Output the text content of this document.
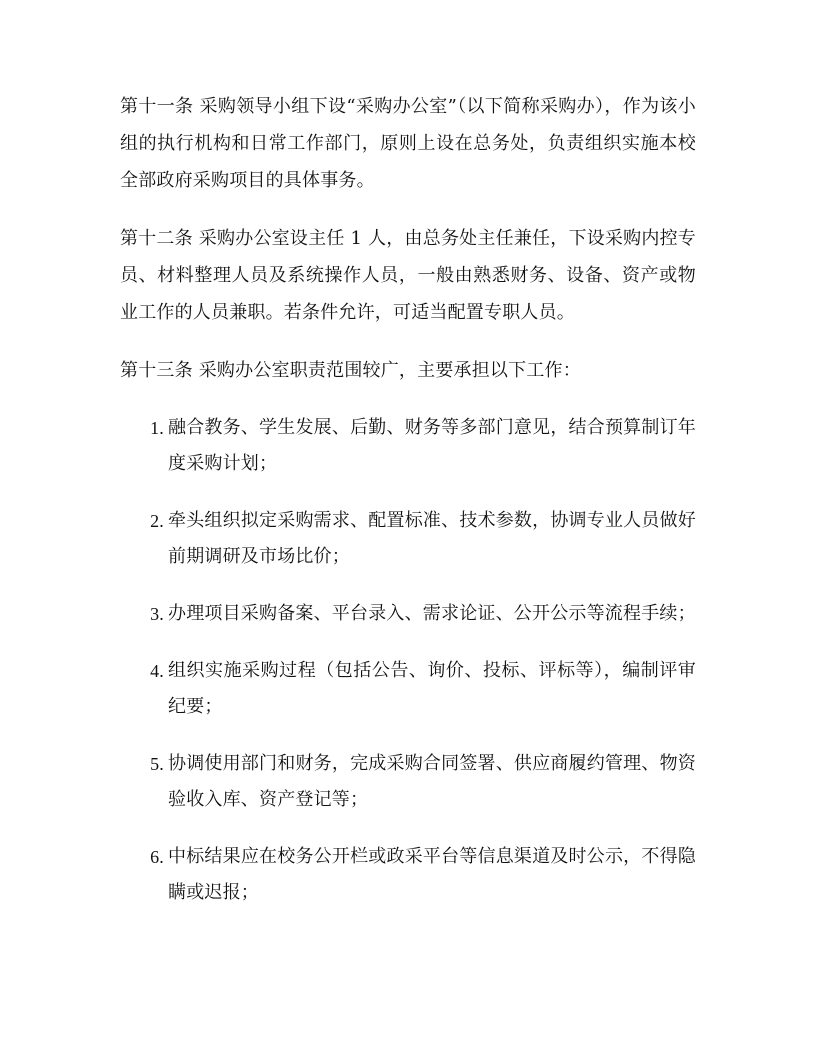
第十一条 采购领导小组下设“采购办公室”（以下简称采购办），作为该小组的执行机构和日常工作部门，原则上设在总务处，负责组织实施本校全部政府采购项目的具体事务。

第十二条 采购办公室设主任 1 人，由总务处主任兼任，下设采购内控专员、材料整理人员及系统操作人员，一般由熟悉财务、设备、资产或物业工作的人员兼职。若条件允许，可适当配置专职人员。

第十三条 采购办公室职责范围较广，主要承担以下工作：

1. 融合教务、学生发展、后勤、财务等多部门意见，结合预算制订年度采购计划；
2. 牵头组织拟定采购需求、配置标准、技术参数，协调专业人员做好前期调研及市场比价；
3. 办理项目采购备案、平台录入、需求论证、公开公示等流程手续；
4. 组织实施采购过程（包括公告、询价、投标、评标等），编制评审纪要；
5. 协调使用部门和财务，完成采购合同签署、供应商履约管理、物资验收入库、资产登记等；
6. 中标结果应在校务公开栏或政采平台等信息渠道及时公示，不得隐瞒或迟报；
